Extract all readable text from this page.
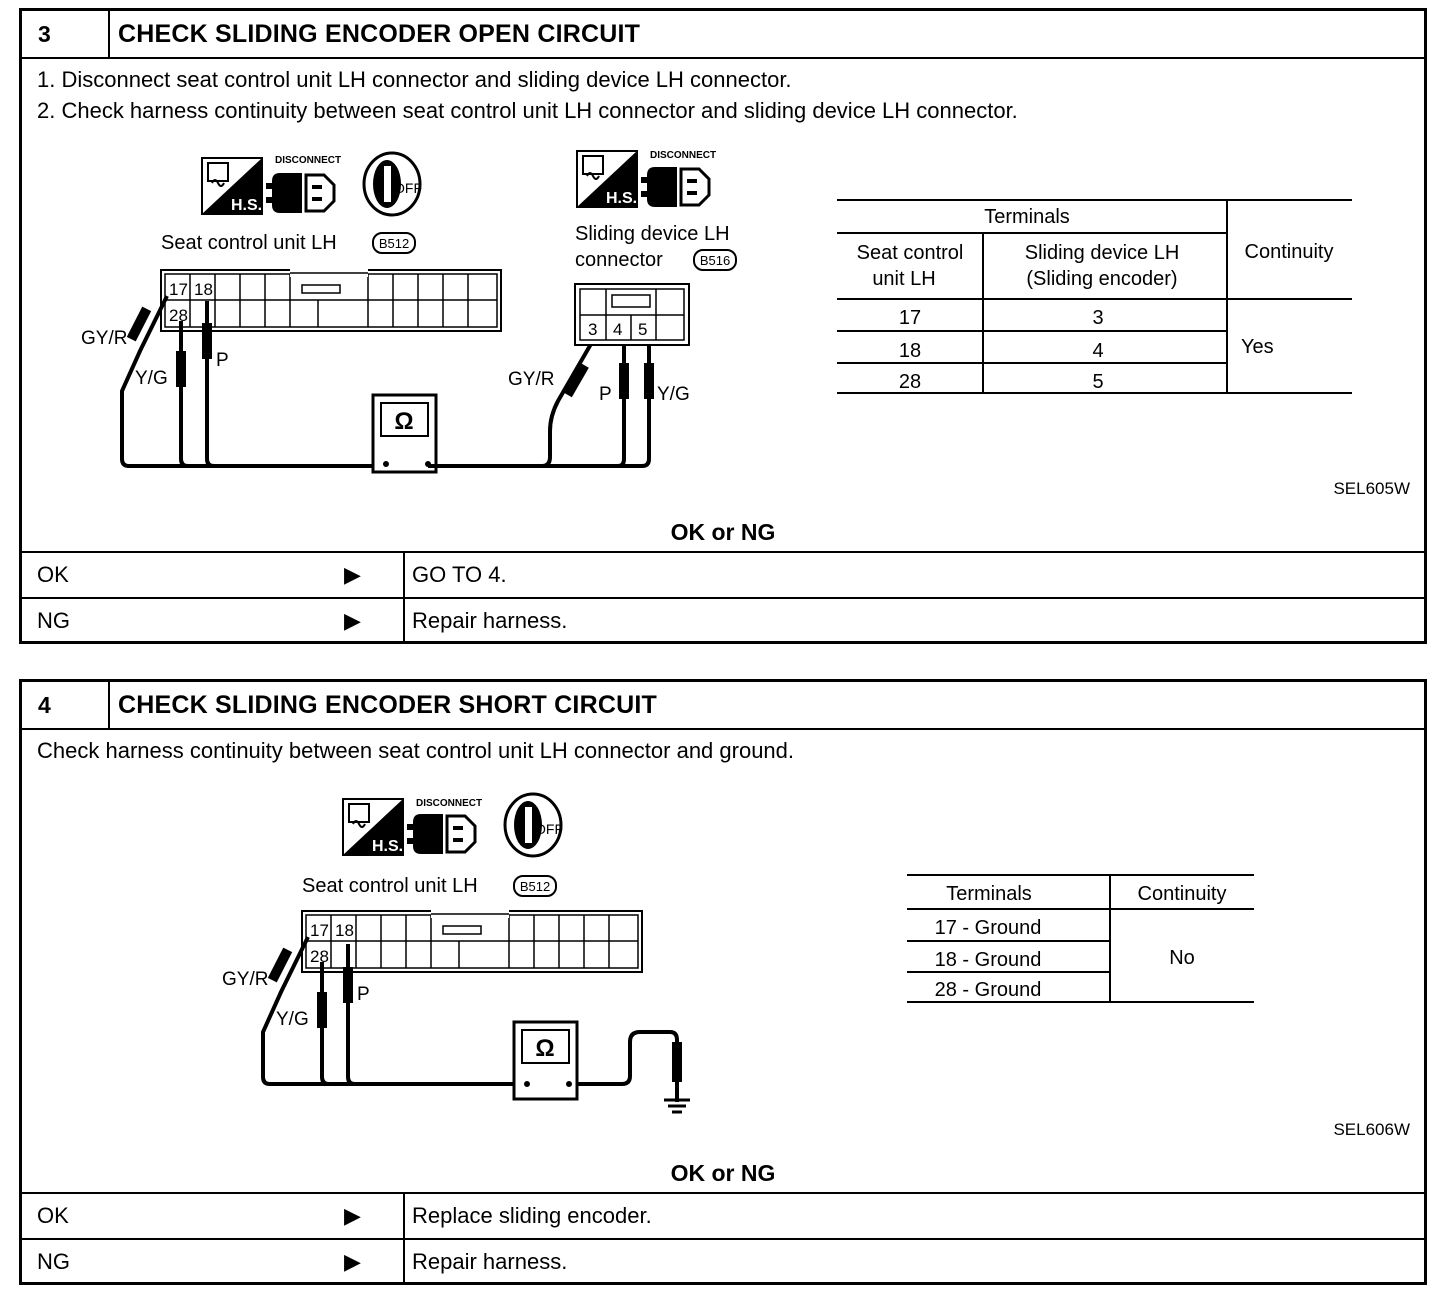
3	CHECK SLIDING ENCODER OPEN CIRCUIT
1. Disconnect seat control unit LH connector and sliding device LH connector.
2. Check harness continuity between seat control unit LH connector and sliding device LH connector.
H.S.
DISCONNECT
OFF
Seat control unit LH	B512
17 18
28
GY/R
Y/G
P
Ω
GY/R
P Y/G
H.S.
DISCONNECT
Sliding device LH
connector	B516
3 4 5
Terminals
Seat control
unit LH
Sliding device LH
(Sliding encoder)
Continuity
17	3
18	4
28	5
Yes
SEL605W
OK or NG
OK	▶ GO TO 4.
NG	▶ Repair harness.
4	CHECK SLIDING ENCODER SHORT CIRCUIT
Check harness continuity between seat control unit LH connector and ground.
H.S.
DISCONNECT
OFF
Seat control unit LH	B512
17 18
28
GY/R
Y/G
P
Ω
Terminals	Continuity
17 - Ground
18 - Ground
28 - Ground
No
SEL606W
OK or NG
OK	▶ Replace sliding encoder.
NG	▶ Repair harness.
